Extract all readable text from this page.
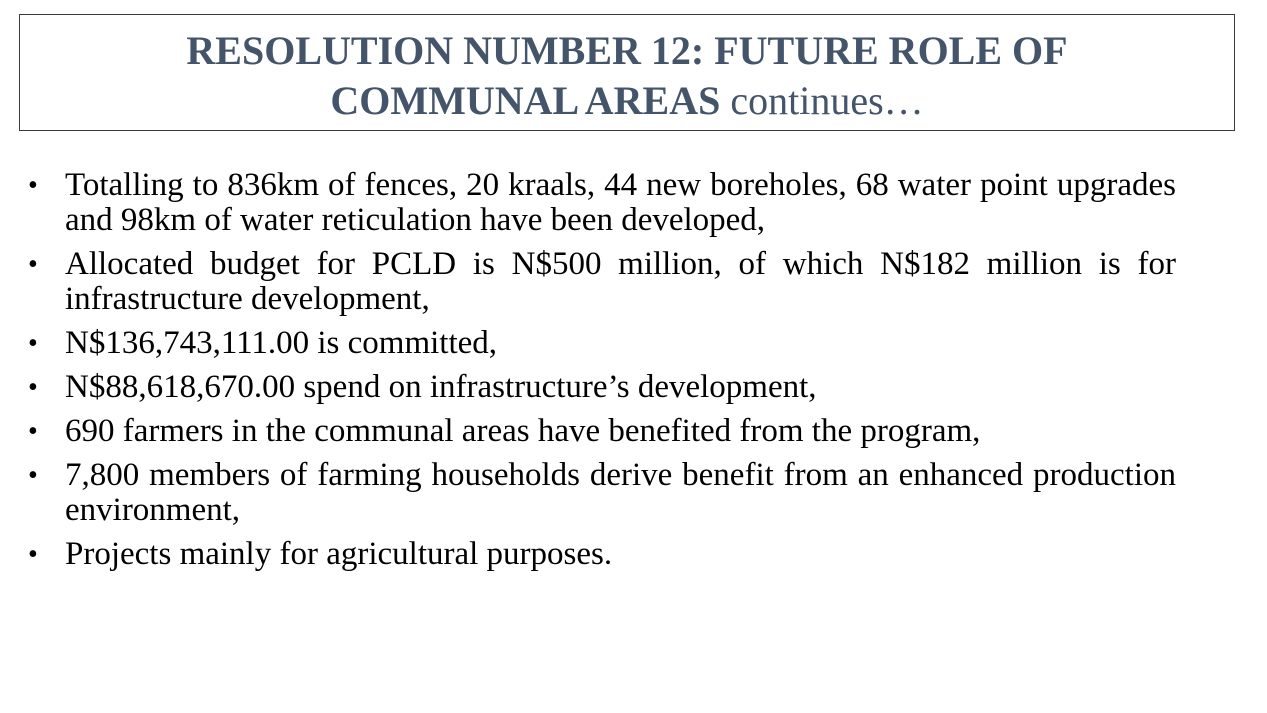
RESOLUTION NUMBER 12: FUTURE ROLE OF
COMMUNAL AREAS continues…
• Totalling to 836km of fences, 20 kraals, 44 new boreholes, 68 water point upgrades and 98km of water reticulation have been developed,
• Allocated budget for PCLD is N$500 million, of which N$182 million is for infrastructure development,
• N$136,743,111.00 is committed,
• N$88,618,670.00 spend on infrastructure’s development,
• 690 farmers in the communal areas have benefited from the program,
• 7,800 members of farming households derive benefit from an enhanced production environment,
• Projects mainly for agricultural purposes.
